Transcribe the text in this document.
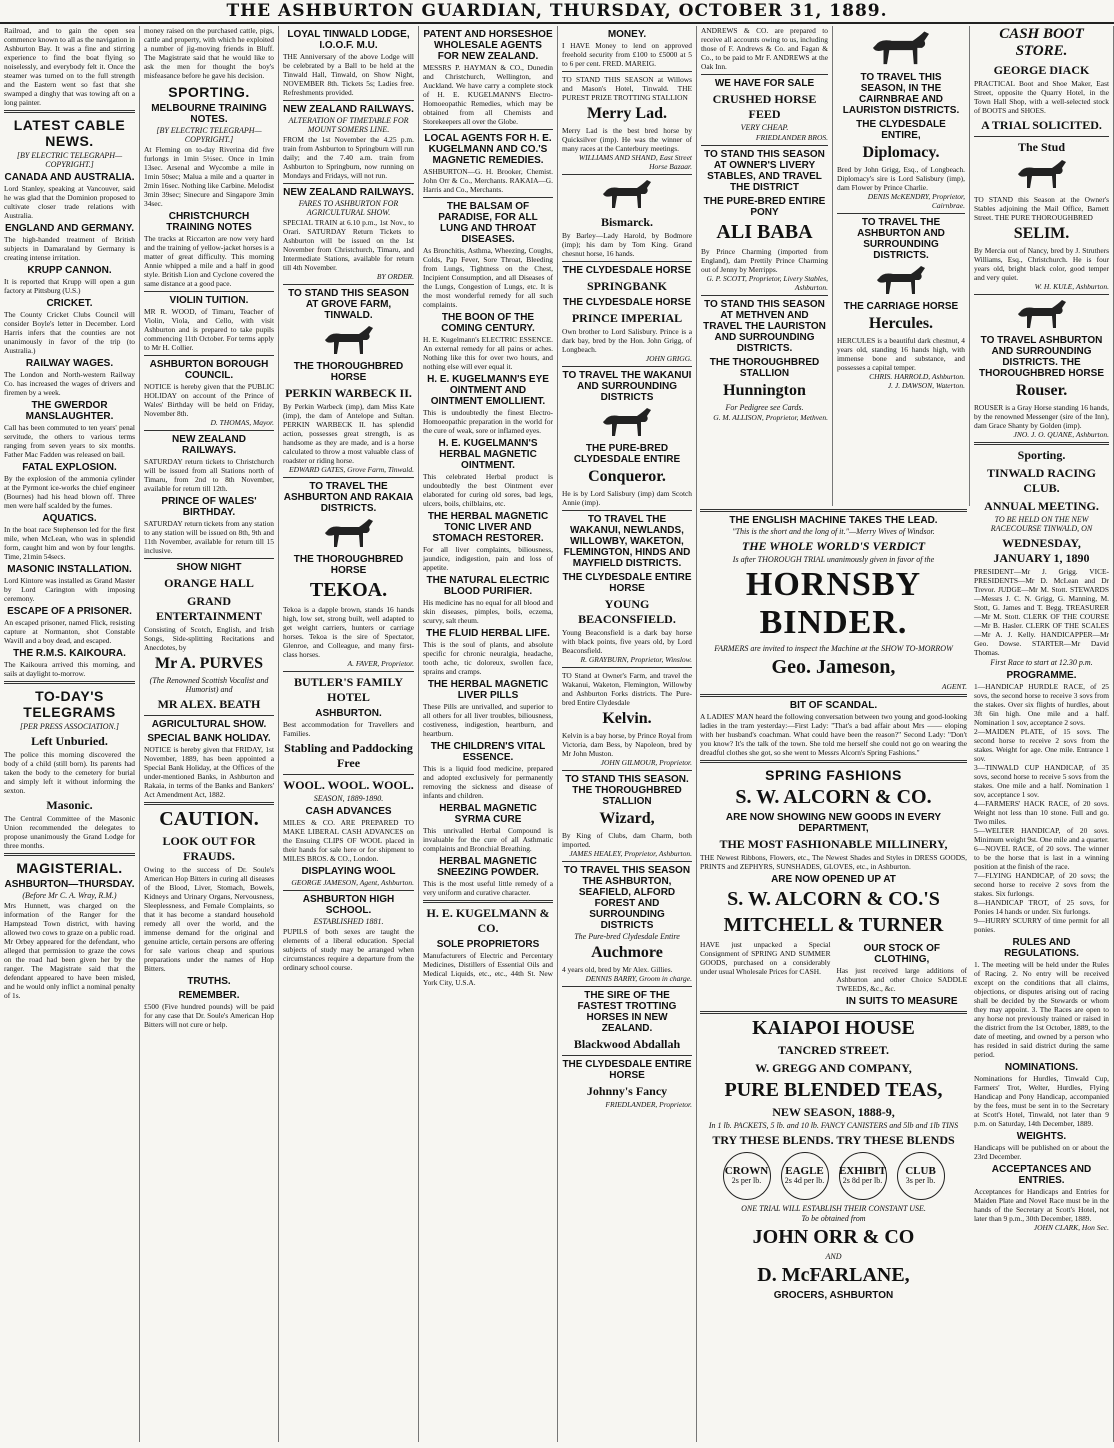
THE ASHBURTON GUARDIAN, THURSDAY, OCTOBER 31, 1889.

Railroad, and to gain the open sea commence known to all as the navigation in Ashburton Bay. It was a fine and stirring experience to find the boat flying so noiselessly, and everybody felt it. Once the steamer was turned on to the full strength and the Eastern went so fast that she swamped a dinghy that was towing aft on a long painter.

LATEST CABLE NEWS.
[BY ELECTRIC TELEGRAPH—COPYRIGHT.]
CANADA AND AUSTRALIA.

Lord Stanley, speaking at Vancouver, said he was glad that the Dominion proposed to cultivate closer trade relations with Australia.

ENGLAND AND GERMANY.

The high-handed treatment of British subjects in Damaraland by Germany is creating intense irritation.

KRUPP CANNON.

It is reported that Krupp will open a gun factory at Pittsburg (U.S.)

CRICKET.

The County Cricket Clubs Council will consider Boyle's letter in December. Lord Harris infers that the counties are not unanimously in favor of the trip (to Australia.)

RAILWAY WAGES.

The London and North-western Railway Co. has increased the wages of drivers and firemen by a week.

THE GWERDOR MANSLAUGHTER.

Call has been commuted to ten years' penal servitude, the others to various terms ranging from seven years to six months. Father Mac Fadden was released on bail.

FATAL EXPLOSION.

By the explosion of the ammonia cylinder at the Pyrmont ice-works the chief engineer (Bournes) had his head blown off. Three men were half scalded by the fumes.

AQUATICS.

In the boat race Stephenson led for the first mile, when McLean, who was in splendid form, caught him and won by four lengths. Time, 21min 54secs.

MASONIC INSTALLATION.

Lord Kintore was installed as Grand Master by Lord Carington with imposing ceremony.

ESCAPE OF A PRISONER.

An escaped prisoner, named Flick, resisting capture at Normanton, shot Constable Wavill and a boy dead, and escaped.

THE R.M.S. KAIKOURA.

The Kaikoura arrived this morning, and sails at daylight to-morrow.

TO-DAY'S TELEGRAMS
[PER PRESS ASSOCIATION.]
Left Unburied.

The police this morning discovered the body of a child (still born). Its parents had taken the body to the cemetery for burial and simply left it without informing the sexton.

Masonic.

The Central Committee of the Masonic Union recommended the delegates to propose unanimously the Grand Lodge for three months.

MAGISTERIAL.
ASHBURTON—THURSDAY.
(Before Mr C. A. Wray, R.M.)

Mrs Hunnett, was charged on the information of the Ranger for the Hampstead Town district, with having allowed two cows to graze on a public road. Mr Orbey appeared for the defendant, who alleged that permission to graze the cows on the road had been given her by the ranger. The Magistrate said that the defendant appeared to have been misled, and he would only inflict a nominal penalty of 1s.

money raised on the purchased cattle, pigs, cattle and property, with which he exploited a number of jig-moving friends in Bluff. The Magistrate said that he would like to ask the men for thought the boy's misfeasance before he gave his decision.

SPORTING.
MELBOURNE TRAINING NOTES.
[BY ELECTRIC TELEGRAPH—COPYRIGHT.]

At Fleming on to-day Riverina did five furlongs in 1min 5½sec. Once in 1min 13sec. Arsenal and Wycombe a mile in 1min 50sec; Malua a mile and a quarter in 2min 16sec. Nothing like Carbine. Melodist 3min 39sec; Sinecure and Singapore 3min 34sec.

CHRISTCHURCH TRAINING NOTES

The tracks at Riccarton are now very hard and the training of yellow-jacket horses is a matter of great difficulty. This morning Annie whipped a mile and a half in good style. British Lion and Cyclone covered the same distance at a good pace.

VIOLIN TUITION.

MR R. WOOD, of Timaru, Teacher of Violin, Viola, and Cello, with visit Ashburton and is prepared to take pupils commencing 11th October. For terms apply to Mr H. Collier.

ASHBURTON BOROUGH COUNCIL.

NOTICE is hereby given that the PUBLIC HOLIDAY on account of the Prince of Wales' Birthday will be held on Friday, November 8th.

D. THOMAS, Mayor.
NEW ZEALAND RAILWAYS.

SATURDAY return tickets to Christchurch will be issued from all Stations north of Timaru, from 2nd to 8th November, available for return till 12th.

PRINCE OF WALES' BIRTHDAY.

SATURDAY return tickets from any station to any station will be issued on 8th, 9th and 11th November, available for return till 15 inclusive.

SHOW NIGHT
ORANGE HALL
GRAND ENTERTAINMENT

Consisting of Scotch, English, and Irish Songs, Side-splitting Recitations and Anecdotes, by

Mr A. PURVES
(The Renowned Scottish Vocalist and Humorist) and
MR ALEX. BEATH
AGRICULTURAL SHOW.
SPECIAL BANK HOLIDAY.

NOTICE is hereby given that FRIDAY, 1st November, 1889, has been appointed a Special Bank Holiday, at the Offices of the under-mentioned Banks, in Ashburton and Rakaia, in terms of the Banks and Bankers' Act Amendment Act, 1882.

CAUTION.
LOOK OUT FOR FRAUDS.

Owing to the success of Dr. Soule's American Hop Bitters in curing all diseases of the Blood, Liver, Stomach, Bowels, Kidneys and Urinary Organs, Nervousness, Sleeplessness, and Female Complaints, so that it has become a standard household remedy all over the world, and the immense demand for the original and genuine article, certain persons are offering for sale various cheap and spurious preparations under the names of Hop Bitters.

TRUTHS.
REMEMBER.

£500 (Five hundred pounds) will be paid for any case that Dr. Soule's American Hop Bitters will not cure or help.

LOYAL TINWALD LODGE, I.O.O.F. M.U.

THE Anniversary of the above Lodge will be celebrated by a Ball to be held at the Tinwald Hall, Tinwald, on Show Night, NOVEMBER 8th. Tickets 5s; Ladies free. Refreshments provided.

NEW ZEALAND RAILWAYS.
ALTERATION OF TIMETABLE FOR MOUNT SOMERS LINE.

FROM the 1st November the 4.25 p.m. train from Ashburton to Springburn will run daily; and the 7.40 a.m. train from Ashburton to Springburn, now running on Mondays and Fridays, will not run.

NEW ZEALAND RAILWAYS.
FARES TO ASHBURTON FOR AGRICULTURAL SHOW.

SPECIAL TRAIN at 6.10 p.m., 1st Nov., to Orari. SATURDAY Return Tickets to Ashburton will be issued on the 1st November from Christchurch, Timaru, and Intermediate Stations, available for return till 4th November.

BY ORDER.
TO STAND THIS SEASON AT GROVE FARM, TINWALD.
THE THOROUGHBRED HORSE
PERKIN WARBECK II.

By Perkin Warbeck (imp), dam Miss Kate (imp), the dam of Antelope and Sultan. PERKIN WARBECK II. has splendid action, possesses great strength, is as handsome as they are made, and is a horse calculated to throw a most valuable class of roadster or riding horse.

EDWARD GATES, Grove Farm, Tinwald.
TO TRAVEL THE ASHBURTON AND RAKAIA DISTRICTS.
THE THOROUGHBRED HORSE
TEKOA.

Tekoa is a dapple brown, stands 16 hands high, low set, strong built, well adapted to get weight carriers, hunters or carriage horses. Tekoa is the sire of Spectator, Glenroe, and Colleague, and many first-class horses.

A. FAVER, Proprietor.
BUTLER'S FAMILY HOTEL
ASHBURTON.

Best accommodation for Travellers and Families.

Stabling and Paddocking Free
WOOL. WOOL. WOOL.
SEASON, 1889-1890.
CASH ADVANCES

MILES & CO. ARE PREPARED TO MAKE LIBERAL CASH ADVANCES on the Ensuing CLIPS OF WOOL placed in their hands for sale here or for shipment to MILES BROS. & CO., London.

DISPLAYING WOOL
GEORGE JAMESON, Agent, Ashburton.
ASHBURTON HIGH SCHOOL.
ESTABLISHED 1881.

PUPILS of both sexes are taught the elements of a liberal education. Special subjects of study may be arranged when circumstances require a departure from the ordinary school course.

PATENT AND HORSESHOE WHOLESALE AGENTS FOR NEW ZEALAND.

MESSRS P. HAYMAN & CO., Dunedin and Christchurch, Wellington, and Auckland. We have carry a complete stock of H. E. KUGELMANN'S Electro-Homoeopathic Remedies, which may be obtained from all Chemists and Storekeepers all over the Globe.

LOCAL AGENTS FOR H. E. KUGELMANN AND CO.'S MAGNETIC REMEDIES.

ASHBURTON—G. H. Brooker, Chemist. John Orr & Co., Merchants. RAKAIA—G. Harris and Co., Merchants.

THE BALSAM OF PARADISE, FOR ALL LUNG AND THROAT DISEASES.

As Bronchitis, Asthma, Wheezing, Coughs, Colds, Pap Fever, Sore Throat, Bleeding from Lungs, Tightness on the Chest, Incipient Consumption, and all Diseases of the Lungs, Congestion of Lungs, etc. It is the most wonderful remedy for all such complaints.

THE BOON OF THE COMING CENTURY.

H. E. Kugelmann's ELECTRIC ESSENCE. An external remedy for all pains or aches. Nothing like this for over two hours, and nothing else will ever equal it.

H. E. KUGELMANN'S EYE OINTMENT AND OINTMENT EMOLLIENT.

This is undoubtedly the finest Electro-Homoeopathic preparation in the world for the cure of weak, sore or inflamed eyes.

H. E. KUGELMANN'S HERBAL MAGNETIC OINTMENT.

This celebrated Herbal product is undoubtedly the best Ointment ever elaborated for curing old sores, bad legs, ulcers, boils, chilblains, etc.

THE HERBAL MAGNETIC TONIC LIVER AND STOMACH RESTORER.

For all liver complaints, biliousness, jaundice, indigestion, pain and loss of appetite.

THE NATURAL ELECTRIC BLOOD PURIFIER.

His medicine has no equal for all blood and skin diseases, pimples, boils, eczema, scurvy, salt rheum.

THE FLUID HERBAL LIFE.

This is the soul of plants, and absolute specific for chronic neuralgia, headache, tooth ache, tic doloreux, swollen face, sprains and cramps.

THE HERBAL MAGNETIC LIVER PILLS

These Pills are unrivalled, and superior to all others for all liver troubles, biliousness, costiveness, indigestion, heartburn, and heartburn.

THE CHILDREN'S VITAL ESSENCE.

This is a liquid food medicine, prepared and adopted exclusively for permanently removing the sickness and disease of infants and children.

HERBAL MAGNETIC SYRMA CURE

This unrivalled Herbal Compound is invaluable for the cure of all Asthmatic complaints and Bronchial Breathing.

HERBAL MAGNETIC SNEEZING POWDER.

This is the most useful little remedy of a very uniform and curative character.

H. E. KUGELMANN & CO.
SOLE PROPRIETORS

Manufacturers of Electric and Percentary Medicines, Distillers of Essential Oils and Medical Liquids, etc., etc., 44th St. New York City, U.S.A.

MONEY.

I HAVE Money to lend on approved freehold security from £100 to £5000 at 5 to 6 per cent. FRED. MAREIG.

TO STAND THIS SEASON at Willows and Mason's Hotel, Tinwald. THE PUREST PRIZE TROTTING STALLION

Merry Lad.

Merry Lad is the best bred horse by Quicksilver (imp). He was the winner of many races at the Canterbury meetings.

WILLIAMS AND SHAND, East Street Horse Bazaar.
Bismarck.

By Barley—Lady Harold, by Bodmore (imp); his dam by Tom King. Grand chesnut horse, 16 hands.

THE CLYDESDALE HORSE
SPRINGBANK
THE CLYDESDALE HORSE
PRINCE IMPERIAL

Own brother to Lord Salisbury. Prince is a dark bay, bred by the Hon. John Grigg, of Longbeach.

JOHN GRIGG.
TO TRAVEL THE WAKANUI AND SURROUNDING DISTRICTS
THE PURE-BRED CLYDESDALE ENTIRE
Conqueror.

He is by Lord Salisbury (imp) dam Scotch Annie (imp).

TO TRAVEL THE WAKANUI, NEWLANDS, WILLOWBY, WAKETON, FLEMINGTON, HINDS AND MAYFIELD DISTRICTS.
THE CLYDESDALE ENTIRE HORSE
YOUNG BEACONSFIELD.

Young Beaconsfield is a dark bay horse with black points, five years old, by Lord Beaconsfield.

R. GRAYBURN, Proprietor, Winslow.

TO Stand at Owner's Farm, and travel the Wakanui, Waketon, Flemington, Willowby and Ashburton Forks districts. The Pure-bred Entire Clydesdale

Kelvin.

Kelvin is a bay horse, by Prince Royal from Victoria, dam Bess, by Napoleon, bred by Mr John Muston.

JOHN GILMOUR, Proprietor.
TO STAND THIS SEASON. THE THOROUGHBRED STALLION
Wizard,

By King of Clubs, dam Charm, both imported.

JAMES HEALEY, Proprietor, Ashburton.
TO TRAVEL THIS SEASON THE ASHBURTON, SEAFIELD, ALFORD FOREST AND SURROUNDING DISTRICTS
The Pure-bred Clydesdale Entire
Auchmore

4 years old, bred by Mr Alex. Gillies.

DENNIS BARRY, Groom in charge.
THE SIRE OF THE FASTEST TROTTING HORSES IN NEW ZEALAND.
Blackwood Abdallah
THE CLYDESDALE ENTIRE HORSE
Johnny's Fancy
FRIEDLANDER, Proprietor.

ANDREWS & CO. are prepared to receive all accounts owing to us, including those of F. Andrews & Co. and Fagan & Co., to be paid to Mr F. ANDREWS at the Oak Inn.

WE HAVE FOR SALE
CRUSHED HORSE FEED
VERY CHEAP.
FRIEDLANDER BROS.
TO STAND THIS SEASON AT OWNER'S LIVERY STABLES, AND TRAVEL THE DISTRICT
THE PURE-BRED ENTIRE PONY
ALI BABA

By Prince Charming (imported from England), dam Prettily Prince Charming out of Jenny by Merripps.

G. P. SCOTT, Proprietor, Livery Stables, Ashburton.
TO STAND THIS SEASON AT METHVEN AND TRAVEL THE LAURISTON AND SURROUNDING DISTRICTS.
THE THOROUGHBRED STALLION
Hunnington
For Pedigree see Cards.
G. M. ALLISON, Proprietor, Methven.
TO TRAVEL THIS SEASON, IN THE CAIRNBRAE AND LAURISTON DISTRICTS.
THE CLYDESDALE ENTIRE,
Diplomacy.

Bred by John Grigg, Esq., of Longbeach. Diplomacy's sire is Lord Salisbury (imp), dam Flower by Prince Charlie.

DENIS McKENDRY, Proprietor, Cairnbrae.
TO TRAVEL THE ASHBURTON AND SURROUNDING DISTRICTS.
THE CARRIAGE HORSE
Hercules.

HERCULES is a beautiful dark chestnut, 4 years old, standing 16 hands high, with immense bone and substance, and possesses a capital temper.

CHRIS. HARROLD, Ashburton.
J. J. DAWSON, Waterton.
CASH BOOT STORE.
GEORGE DIACK

PRACTICAL Boot and Shoe Maker, East Street, opposite the Quarry Hotel, in the Town Hall Shop, with a well-selected stock of BOOTS and SHOES.

A TRIAL SOLICITED.
The Stud

TO STAND this Season at the Owner's Stables adjoining the Mail Office, Barnett Street. THE PURE THOROUGHBRED

SELIM.

By Mercia out of Nancy, bred by J. Struthers Williams, Esq., Christchurch. He is four years old, bright black color, good temper and very quiet.

W. H. KULE, Ashburton.
TO TRAVEL ASHBURTON AND SURROUNDING DISTRICTS. THE THOROUGHBRED HORSE
Rouser.

ROUSER is a Gray Horse standing 16 hands, by the renowned Messenger (sire of the Inn), dam Grace Shanty by Golden (imp).

JNO. J. O. QUANE, Ashburton.
Sporting.
TINWALD RACING CLUB.
ANNUAL MEETING.
TO BE HELD ON THE NEW RACECOURSE TINWALD, ON
WEDNESDAY, JANUARY 1, 1890

PRESIDENT—Mr J. Grigg. VICE-PRESIDENTS—Mr D. McLean and Dr Trevor. JUDGE—Mr M. Stott. STEWARDS—Messrs J. C. N. Grigg, G. Manning, M. Stott, G. James and T. Begg. TREASURER—Mr M. Stott. CLERK OF THE COURSE—Mr B. Hasler. CLERK OF THE SCALES—Mr A. J. Kelly. HANDICAPPER—Mr Geo. Dowse. STARTER—Mr David Thomas.

First Race to start at 12.30 p.m.
PROGRAMME.

1—HANDICAP HURDLE RACE, of 25 sovs, the second horse to receive 3 sovs from the stakes. Over six flights of hurdles, about 3ft 6in high. One mile and a half. Nomination 1 sov, acceptance 2 sovs.
2—MAIDEN PLATE, of 15 sovs. The second horse to receive 2 sovs from the stakes. Weight for age. One mile. Entrance 1 sov.
3—TINWALD CUP HANDICAP, of 35 sovs, second horse to receive 5 sovs from the stakes. One mile and a half. Nomination 1 sov, acceptance 1 sov.
4—FARMERS' HACK RACE, of 20 sovs. Weight not less than 10 stone. Full and go. Two miles.
5—WELTER HANDICAP, of 20 sovs. Minimum weight 9st. One mile and a quarter.
6—NOVEL RACE, of 20 sovs. The winner to be the horse that is last in a winning position at the finish of the race.
7—FLYING HANDICAP, of 20 sovs; the second horse to receive 2 sovs from the stakes. Six furlongs.
8—HANDICAP TROT, of 25 sovs, for Ponies 14 hands or under. Six furlongs.
9—HURRY SCURRY of time permit for all ponies.

RULES AND REGULATIONS.

1. The meeting will be held under the Rules of Racing. 2. No entry will be received except on the conditions that all claims, objections, or disputes arising out of racing shall be decided by the Stewards or whom they may appoint. 3. The Races are open to any horse not previously trained or raised in the district from the 1st October, 1889, to the date of meeting, and owned by a person who has resided in said district during the same period.

NOMINATIONS.

Nominations for Hurdles, Tinwald Cup, Farmers' Trot, Welter, Hurdles, Flying Handicap and Pony Handicap, accompanied by the fees, must be sent in to the Secretary at Scott's Hotel, Tinwald, not later than 9 p.m. on Saturday, 14th December, 1889.

WEIGHTS.

Handicaps will be published on or about the 23rd December.

ACCEPTANCES AND ENTRIES.

Acceptances for Handicaps and Entries for Maiden Plate and Novel Race must be in the hands of the Secretary at Scott's Hotel, not later than 9 p.m., 30th December, 1889.

JOHN CLARK, Hon Sec.
THE ENGLISH MACHINE TAKES THE LEAD.
"This is the short and the long of it."—Merry Wives of Windsor.
THE WHOLE WORLD'S VERDICT
Is after THOROUGH TRIAL unanimously given in favor of the
HORNSBY BINDER.
FARMERS are invited to inspect the Machine at the SHOW TO-MORROW
Geo. Jameson,
AGENT.
BIT OF SCANDAL.

A LADIES' MAN heard the following conversation between two young and good-looking ladies in the tram yesterday:—First Lady: "That's a bad affair about Mrs —— eloping with her husband's coachman. What could have been the reason?" Second Lady: "Don't you know? It's the talk of the town. She told me herself she could not go on wearing the dreadful clothes she got, so she went to Messrs Alcorn's Spring Fashions."

SPRING FASHIONS
S. W. ALCORN & CO.
ARE NOW SHOWING NEW GOODS IN EVERY DEPARTMENT,
THE MOST FASHIONABLE MILLINERY,

THE Newest Ribbons, Flowers, etc., The Newest Shades and Styles in DRESS GOODS, PRINTS and ZEPHYRS, SUNSHADES, GLOVES, etc., in Ashburton.

ARE NOW OPENED UP AT
S. W. ALCORN & CO.'S
MITCHELL & TURNER

HAVE just unpacked a Special Consignment of SPRING AND SUMMER GOODS, purchased on a considerably under usual Wholesale Prices for CASH.

OUR STOCK OF CLOTHING,

Has just received large additions of Ashburton and other Choice SADDLE TWEEDS, &c., &c.

IN SUITS TO MEASURE
KAIAPOI HOUSE
TANCRED STREET.
W. GREGG AND COMPANY,
PURE BLENDED TEAS,
NEW SEASON, 1888-9,
In 1 lb. PACKETS, 5 lb. and 10 lb. FANCY CANISTERS and 5lb and 1lb TINS
TRY THESE BLENDS. TRY THESE BLENDS
CROWN
2s per lb.
EAGLE
2s 4d per lb.
EXHIBIT
2s 8d per lb.
CLUB
3s per lb.
ONE TRIAL WILL ESTABLISH THEIR CONSTANT USE.
To be obtained from
JOHN ORR & CO
AND
D. McFARLANE,
GROCERS, ASHBURTON
